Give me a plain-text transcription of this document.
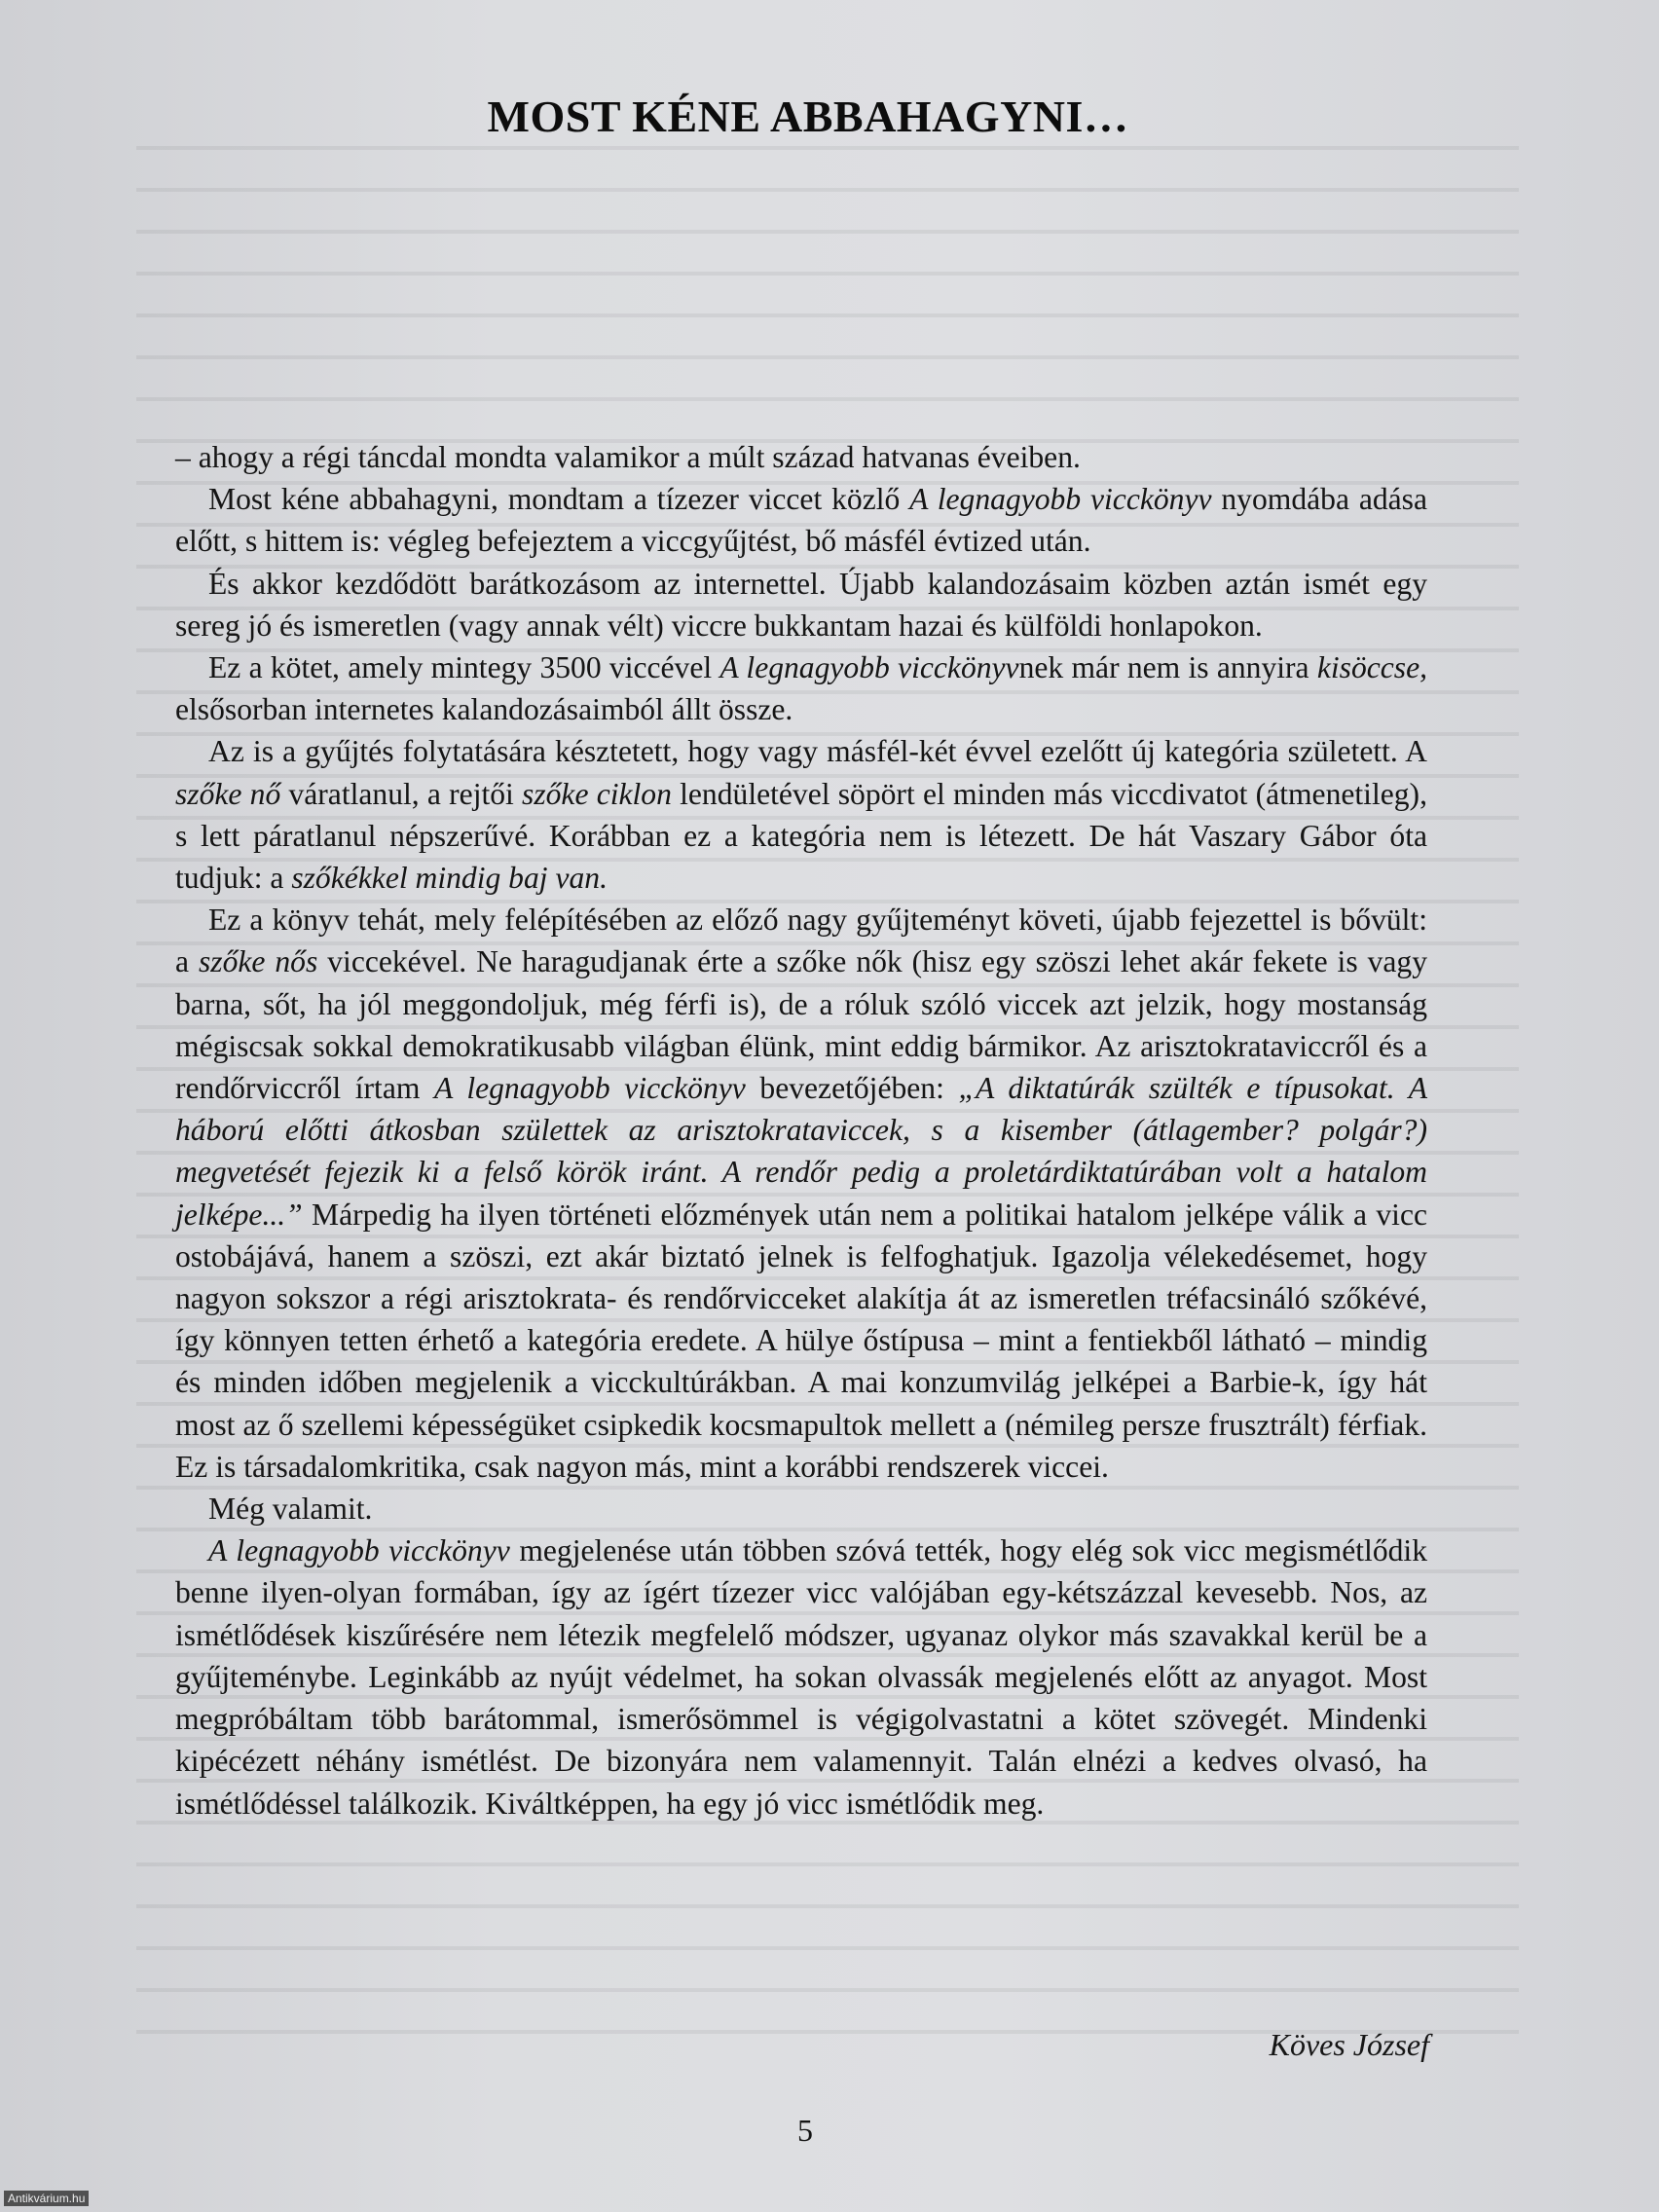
MOST KÉNE ABBAHAGYNI…

– ahogy a régi táncdal mondta valamikor a múlt század hatvanas éveiben.

Most kéne abbahagyni, mondtam a tízezer viccet közlő A legnagyobb vicckönyv nyomdába adása előtt, s hittem is: végleg befejeztem a viccgyűjtést, bő másfél évtized után.

És akkor kezdődött barátkozásom az internettel. Újabb kalandozásaim közben aztán ismét egy sereg jó és ismeretlen (vagy annak vélt) viccre bukkantam hazai és külföldi honlapokon.

Ez a kötet, amely mintegy 3500 viccével A legnagyobb vicckönyvnek már nem is annyira kisöccse, elsősorban internetes kalandozásaimból állt össze.

Az is a gyűjtés folytatására késztetett, hogy vagy másfél-két évvel ezelőtt új kategória született. A szőke nő váratlanul, a rejtői szőke ciklon lendületével söpört el minden más viccdivatot (átmenetileg), s lett páratlanul népszerűvé. Korábban ez a kategória nem is létezett. De hát Vaszary Gábor óta tudjuk: a szőkékkel mindig baj van.

Ez a könyv tehát, mely felépítésében az előző nagy gyűjteményt követi, újabb fejezettel is bővült: a szőke nős viccekével. Ne haragudjanak érte a szőke nők (hisz egy szöszi lehet akár fekete is vagy barna, sőt, ha jól meggondoljuk, még férfi is), de a róluk szóló viccek azt jelzik, hogy mostanság mégiscsak sokkal demokratikusabb világban élünk, mint eddig bármikor. Az arisztokrataviccről és a rendőrviccről írtam A legnagyobb vicckönyv bevezetőjében: „A diktatúrák szülték e típusokat. A háború előtti átkosban születtek az arisztokrataviccek, s a kisember (átlagember? polgár?) megvetését fejezik ki a felső körök iránt. A rendőr pedig a proletárdiktatúrában volt a hatalom jelképe...” Márpedig ha ilyen történeti előzmények után nem a politikai hatalom jelképe válik a vicc ostobájává, hanem a szöszi, ezt akár biztató jelnek is felfoghatjuk. Igazolja vélekedésemet, hogy nagyon sokszor a régi arisztokrata- és rendőrvicceket alakítja át az ismeretlen tréfacsináló szőkévé, így könnyen tetten érhető a kategória eredete. A hülye őstípusa – mint a fentiekből látható – mindig és minden időben megjelenik a vicckultúrákban. A mai konzumvilág jelképei a Barbie-k, így hát most az ő szellemi képességüket csipkedik kocsmapultok mellett a (némileg persze frusztrált) férfiak. Ez is társadalomkritika, csak nagyon más, mint a korábbi rendszerek viccei.

Még valamit.

A legnagyobb vicckönyv megjelenése után többen szóvá tették, hogy elég sok vicc megismétlődik benne ilyen-olyan formában, így az ígért tízezer vicc valójában egy-kétszázzal kevesebb. Nos, az ismétlődések kiszűrésére nem létezik megfelelő módszer, ugyanaz olykor más szavakkal kerül be a gyűjteménybe. Leginkább az nyújt védelmet, ha sokan olvassák megjelenés előtt az anyagot. Most megpróbáltam több barátommal, ismerősömmel is végigolvastatni a kötet szövegét. Mindenki kipécézett néhány ismétlést. De bizonyára nem valamennyit. Talán elnézi a kedves olvasó, ha ismétlődéssel találkozik. Kiváltképpen, ha egy jó vicc ismétlődik meg.

Köves József
5
Antikvárium.hu
